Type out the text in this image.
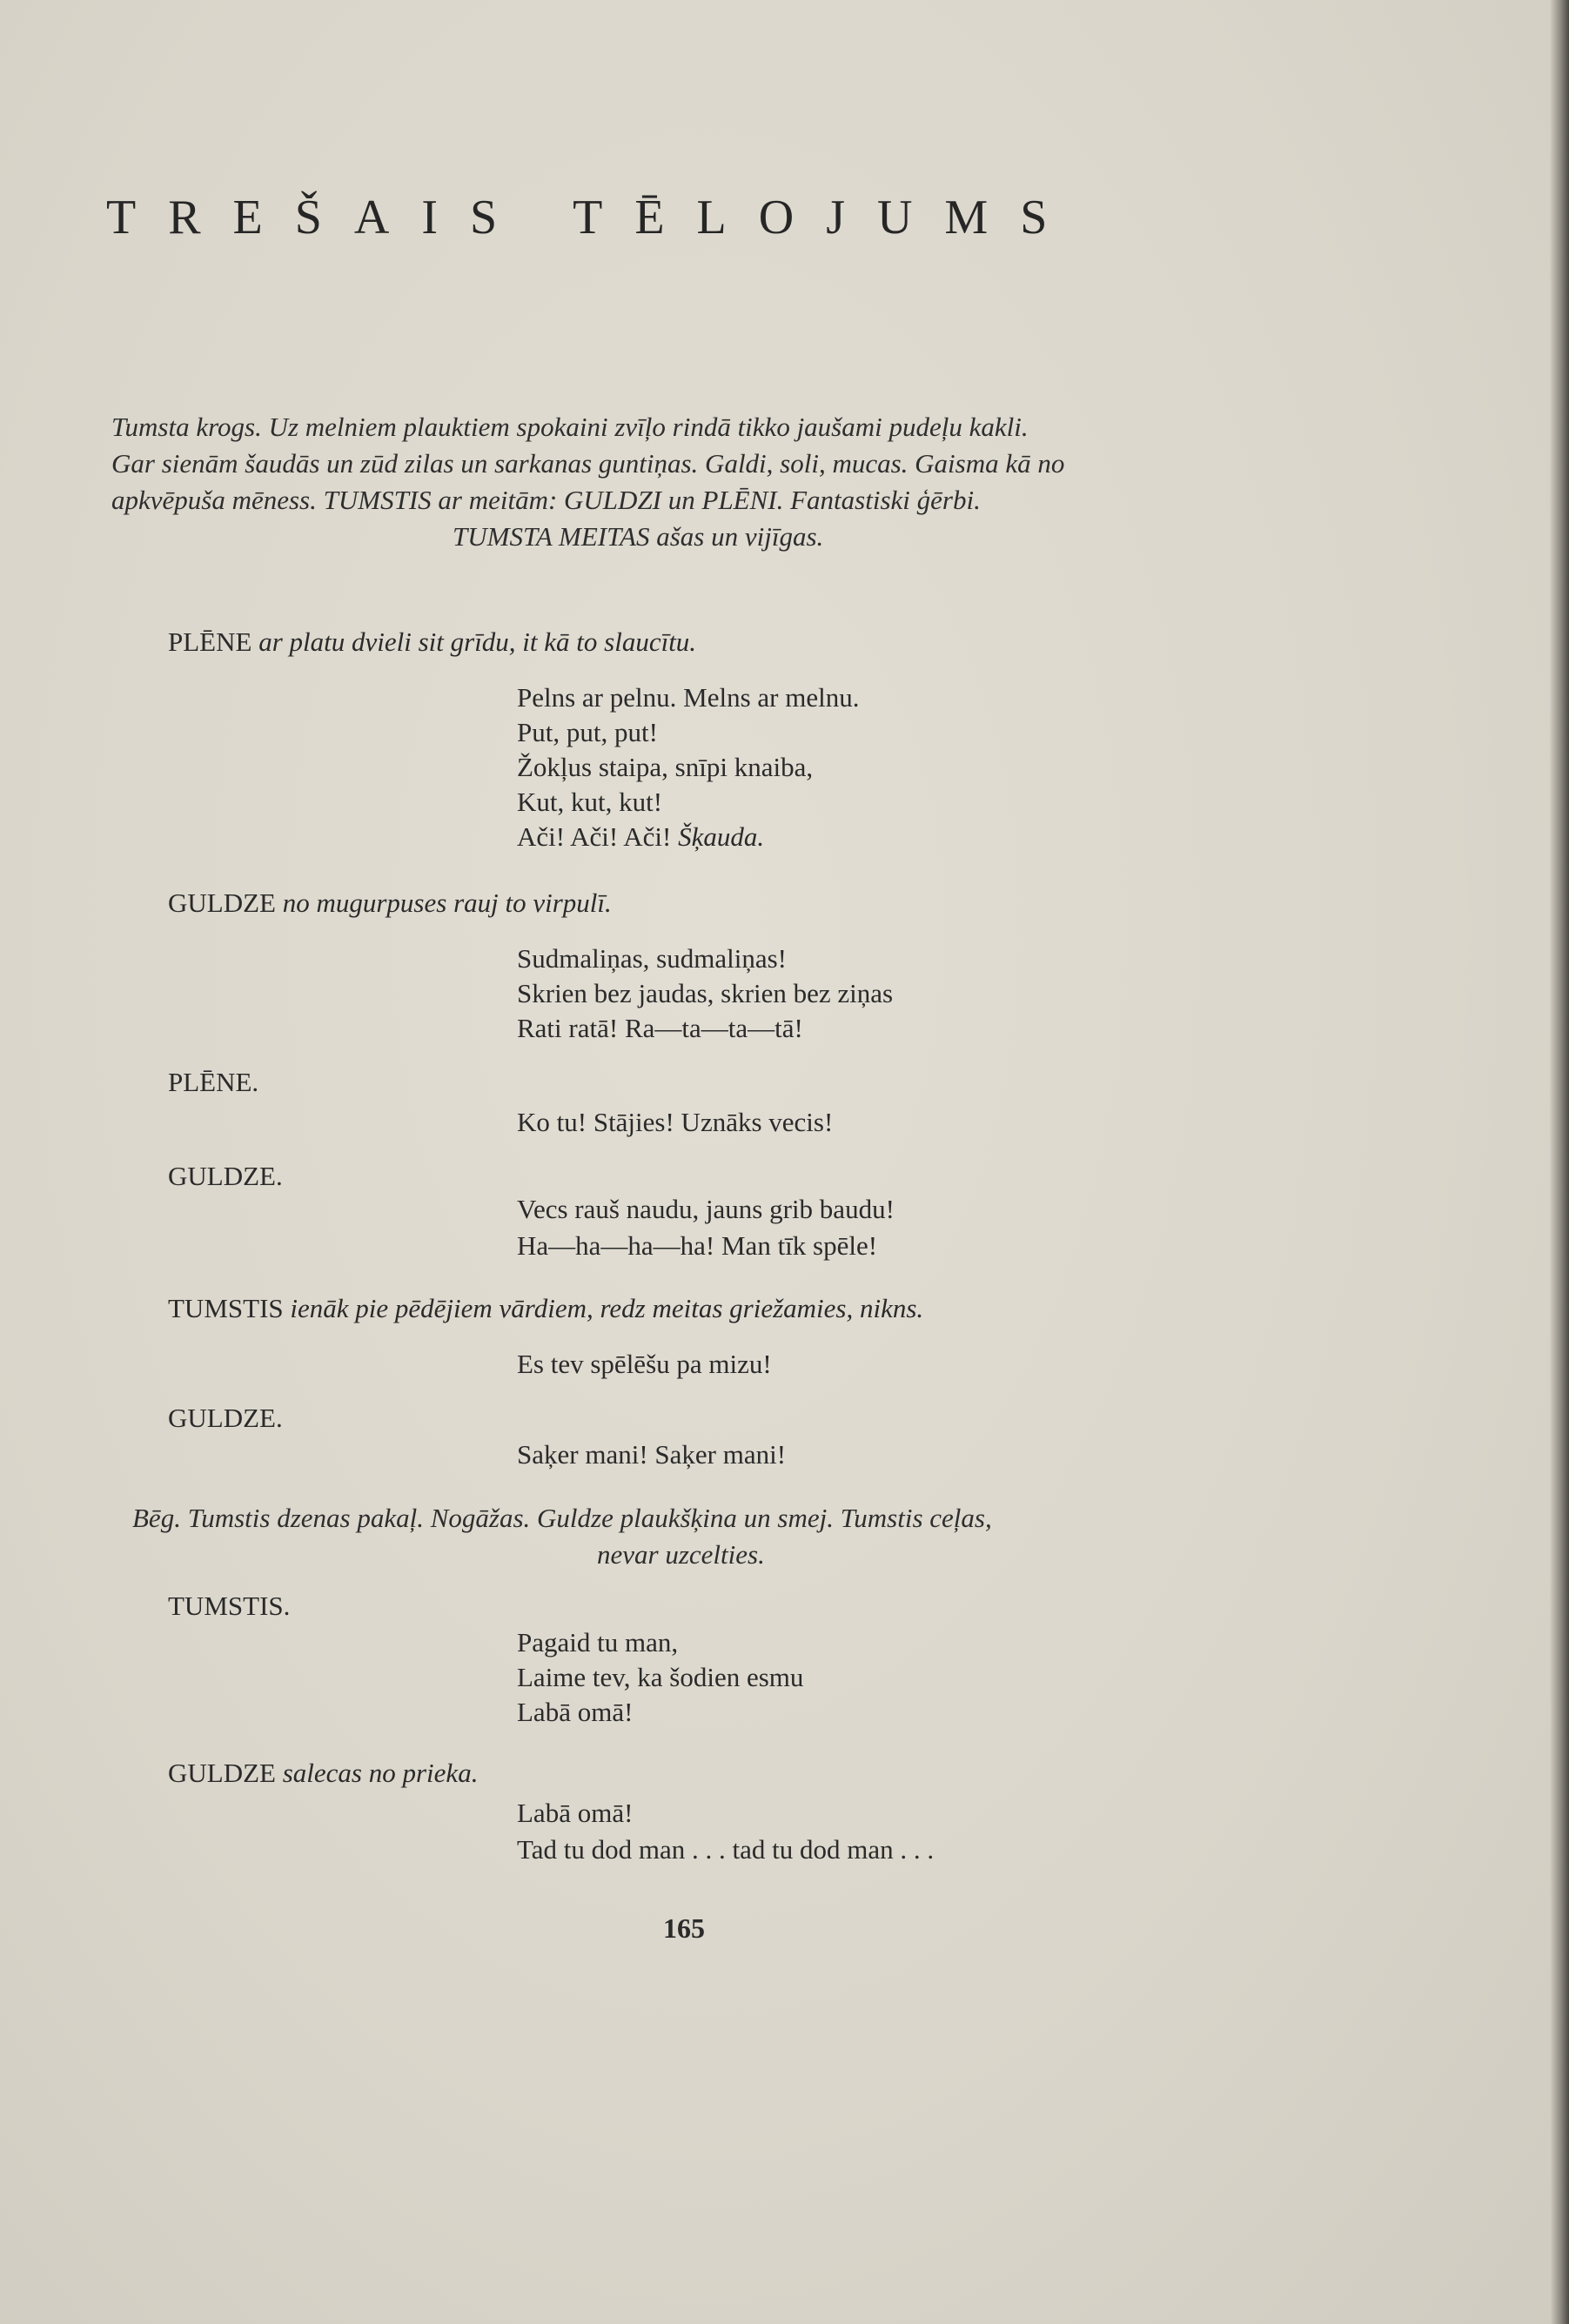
TREŠAIS TĒLOJUMS
Tumsta krogs. Uz melniem plauktiem spokaini zvīļo rindā tikko jaušami pudeļu kakli.
Gar sienām šaudās un zūd zilas un sarkanas guntiņas. Galdi, soli, mucas. Gaisma kā no
apkvēpuša mēness. TUMSTIS ar meitām: GULDZI un PLĒNI. Fantastiski ģērbi.
TUMSTA MEITAS ašas un vijīgas.
PLĒNE ar platu dvieli sit grīdu, it kā to slaucītu.
Pelns ar pelnu. Melns ar melnu.
Put, put, put!
Žokļus staipa, snīpi knaiba,
Kut, kut, kut!
Ači! Ači! Ači! Šķauda.
GULDZE no mugurpuses rauj to virpulī.
Sudmaliņas, sudmaliņas!
Skrien bez jaudas, skrien bez ziņas
Rati ratā! Ra—ta—ta—tā!
PLĒNE.
Ko tu! Stājies! Uznāks vecis!
GULDZE.
Vecs rauš naudu, jauns grib baudu!
Ha—ha—ha—ha! Man tīk spēle!
TUMSTIS ienāk pie pēdējiem vārdiem, redz meitas griežamies, nikns.
Es tev spēlēšu pa mizu!
GULDZE.
Saķer mani! Saķer mani!
Bēg. Tumstis dzenas pakaļ. Nogāžas. Guldze plaukšķina un smej. Tumstis ceļas,
nevar uzcelties.
TUMSTIS.
Pagaid tu man,
Laime tev, ka šodien esmu
Labā omā!
GULDZE salecas no prieka.
Labā omā!
Tad tu dod man . . . tad tu dod man . . .
165
